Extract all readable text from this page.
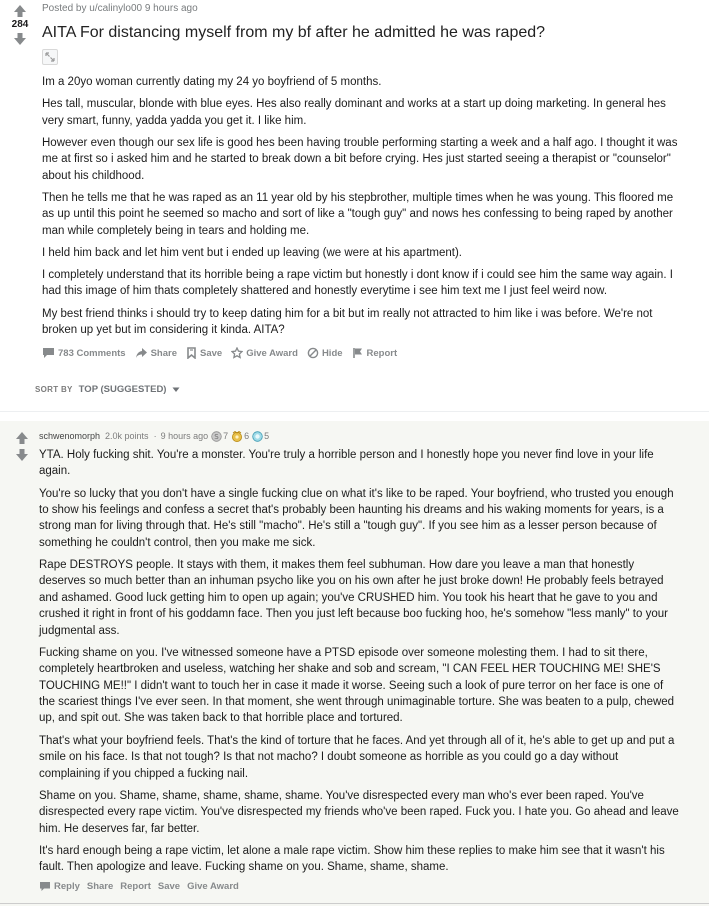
284
Posted by u/calinylo00 9 hours ago
AITA For distancing myself from my bf after he admitted he was raped?

Im a 20yo woman currently dating my 24 yo boyfriend of 5 months.

Hes tall, muscular, blonde with blue eyes. Hes also really dominant and works at a start up doing marketing. In general hes very smart, funny, yadda yadda you get it. I like him.

However even though our sex life is good hes been having trouble performing starting a week and a half ago. I thought it was me at first so i asked him and he started to break down a bit before crying. Hes just started seeing a therapist or "counselor" about his childhood.

Then he tells me that he was raped as an 11 year old by his stepbrother, multiple times when he was young. This floored me as up until this point he seemed so macho and sort of like a "tough guy" and nows hes confessing to being raped by another man while completely being in tears and holding me.

I held him back and let him vent but i ended up leaving (we were at his apartment).

I completely understand that its horrible being a rape victim but honestly i dont know if i could see him the same way again. I had this image of him thats completely shattered and honestly everytime i see him text me I just feel weird now.

My best friend thinks i should try to keep dating him for a bit but im really not attracted to him like i was before. We're not broken up yet but im considering it kinda. AITA?

783 Comments	Share Save	Give Award	Hide	Report
SORT BY TOP (SUGGESTED)
schwenomorph 2.0k points · 9 hours ago S 7 6 5

YTA. Holy fucking shit. You're a monster. You're truly a horrible person and I honestly hope you never find love in your life again.

You're so lucky that you don't have a single fucking clue on what it's like to be raped. Your boyfriend, who trusted you enough to show his feelings and confess a secret that's probably been haunting his dreams and his waking moments for years, is a strong man for living through that. He's still "macho". He's still a "tough guy". If you see him as a lesser person because of something he couldn't control, then you make me sick.

Rape DESTROYS people. It stays with them, it makes them feel subhuman. How dare you leave a man that honestly deserves so much better than an inhuman psycho like you on his own after he just broke down! He probably feels betrayed and ashamed. Good luck getting him to open up again; you've CRUSHED him. You took his heart that he gave to you and crushed it right in front of his goddamn face. Then you just left because boo fucking hoo, he's somehow "less manly" to your judgmental ass.

Fucking shame on you. I've witnessed someone have a PTSD episode over someone molesting them. I had to sit there, completely heartbroken and useless, watching her shake and sob and scream, "I CAN FEEL HER TOUCHING ME! SHE'S TOUCHING ME!!" I didn't want to touch her in case it made it worse. Seeing such a look of pure terror on her face is one of the scariest things I've ever seen. In that moment, she went through unimaginable torture. She was beaten to a pulp, chewed up, and spit out. She was taken back to that horrible place and tortured.

That's what your boyfriend feels. That's the kind of torture that he faces. And yet through all of it, he's able to get up and put a smile on his face. Is that not tough? Is that not macho? I doubt someone as horrible as you could go a day without complaining if you chipped a fucking nail.

Shame on you. Shame, shame, shame, shame, shame. You've disrespected every man who's ever been raped. You've disrespected every rape victim. You've disrespected my friends who've been raped. Fuck you. I hate you. Go ahead and leave him. He deserves far, far better.

It's hard enough being a rape victim, let alone a male rape victim. Show him these replies to make him see that it wasn't his fault. Then apologize and leave. Fucking shame on you. Shame, shame, shame.

Reply Share Report Save Give Award
